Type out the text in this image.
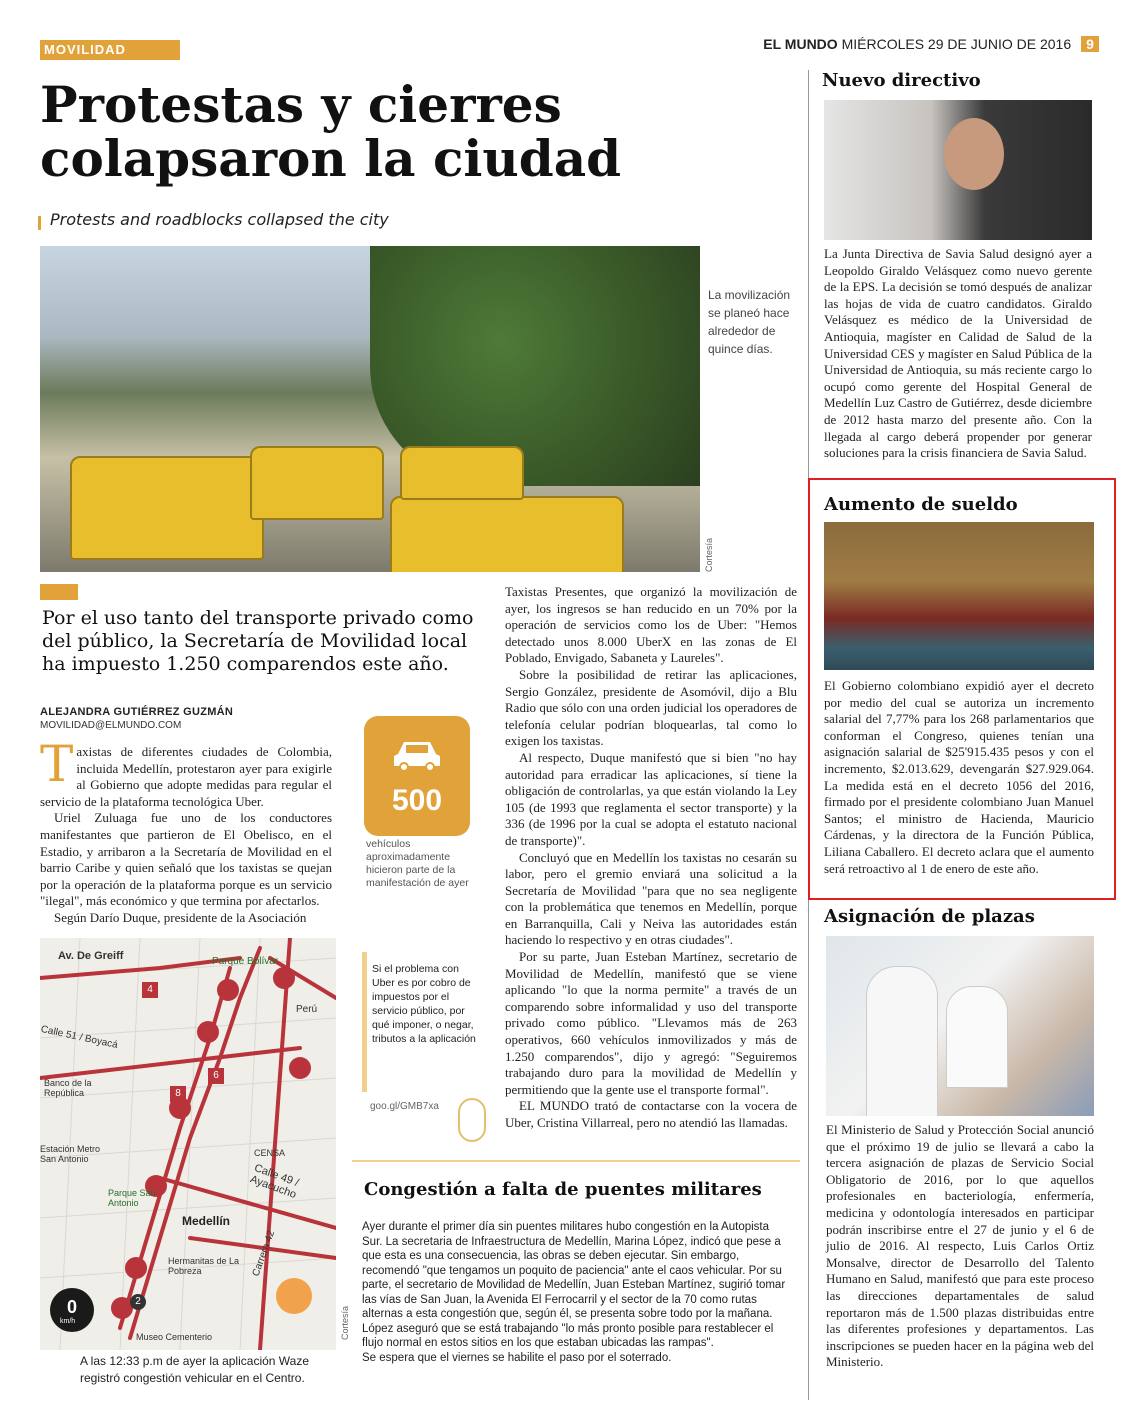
MOVILIDAD	EL MUNDO MIÉRCOLES 29 DE JUNIO DE 2016 9
Protestas y cierres colapsaron la ciudad
Protests and roadblocks collapsed the city
La movilización se planeó hace alrededor de quince días.
Cortesía
Por el uso tanto del transporte privado como del público, la Secretaría de Movilidad local ha impuesto 1.250 comparendos este año.
ALEJANDRA GUTIÉRREZ GUZMÁN
MOVILIDAD@ELMUNDO.COM

Taxistas de diferentes ciudades de Colombia, incluida Medellín, protestaron ayer para exigirle al Gobierno que adopte medidas para regular el servicio de la plataforma tecnológica Uber.

Uriel Zuluaga fue uno de los conductores manifestantes que partieron de El Obelisco, en el Estadio, y arribaron a la Secretaría de Movilidad en el barrio Caribe y quien señaló que los taxistas se quejan por la operación de la plataforma porque es un servicio "ilegal", más económico y que termina por afectarlos.

Según Darío Duque, presidente de la Asociación

Taxistas Presentes, que organizó la movilización de ayer, los ingresos se han reducido en un 70% por la operación de servicios como los de Uber: "Hemos detectado unos 8.000 UberX en las zonas de El Poblado, Envigado, Sabaneta y Laureles".

Sobre la posibilidad de retirar las aplicaciones, Sergio González, presidente de Asomóvil, dijo a Blu Radio que sólo con una orden judicial los operadores de telefonía celular podrían bloquearlas, tal como lo exigen los taxistas.

Al respecto, Duque manifestó que si bien "no hay autoridad para erradicar las aplicaciones, sí tiene la obligación de controlarlas, ya que están violando la Ley 105 (de 1993 que reglamenta el sector transporte) y la 336 (de 1996 por la cual se adopta el estatuto nacional de transporte)".

Concluyó que en Medellín los taxistas no cesarán su labor, pero el gremio enviará una solicitud a la Secretaría de Movilidad "para que no sea negligente con la problemática que tenemos en Medellín, porque en Barranquilla, Cali y Neiva las autoridades están haciendo lo respectivo y en otras ciudades".

Por su parte, Juan Esteban Martínez, secretario de Movilidad de Medellín, manifestó que se viene aplicando "lo que la norma permite" a través de un comparendo sobre informalidad y uso del transporte privado como público. "Llevamos más de 263 operativos, 660 vehículos inmovilizados y más de 1.250 comparendos", dijo y agregó: "Seguiremos trabajando duro para la movilidad de Medellín y permitiendo que la gente use el transporte formal".

EL MUNDO trató de contactarse con la vocera de Uber, Cristina Villarreal, pero no atendió las llamadas.

500
vehículos aproximadamente hicieron parte de la manifestación de ayer
Si el problema con Uber es por cobro de impuestos por el servicio público, por qué imponer, o negar, tributos a la aplicación
goo.gl/GMB7xa
Av. De Greiff	Parque Bolívar
Perú
Calle 51 / Boyacá
Banco de la República
Estación Metro San Antonio
Parque San Antonio
Calle 49 / Ayacucho
Medellín
Hermanitas de La Pobreza	Carrera 42
Museo Cementerio
CENSA
4
6
8
2
0
km/h	Cortesía
A las 12:33 p.m de ayer la aplicación Waze registró congestión vehicular en el Centro.
Congestión a falta de puentes militares

Ayer durante el primer día sin puentes militares hubo congestión en la Autopista Sur. La secretaria de Infraestructura de Medellín, Marina López, indicó que pese a que esta es una consecuencia, las obras se deben ejecutar. Sin embargo, recomendó "que tengamos un poquito de paciencia" ante el caos vehicular. Por su parte, el secretario de Movilidad de Medellín, Juan Esteban Martínez, sugirió tomar las vías de San Juan, la Avenida El Ferrocarril y el sector de la 70 como rutas alternas a esta congestión que, según él, se presenta sobre todo por la mañana.

López aseguró que se está trabajando "lo más pronto posible para restablecer el flujo normal en estos sitios en los que estaban ubicadas las rampas".

Se espera que el viernes se habilite el paso por el soterrado.

Nuevo directivo
La Junta Directiva de Savia Salud designó ayer a Leopoldo Giraldo Velásquez como nuevo gerente de la EPS. La decisión se tomó después de analizar las hojas de vida de cuatro candidatos. Giraldo Velásquez es médico de la Universidad de Antioquia, magíster en Calidad de Salud de la Universidad CES y magíster en Salud Pública de la Universidad de Antioquia, su más reciente cargo lo ocupó como gerente del Hospital General de Medellín Luz Castro de Gutiérrez, desde diciembre de 2012 hasta marzo del presente año. Con la llegada al cargo deberá propender por generar soluciones para la crisis financiera de Savia Salud.
Aumento de sueldo
El Gobierno colombiano expidió ayer el decreto por medio del cual se autoriza un incremento salarial del 7,77% para los 268 parlamentarios que conforman el Congreso, quienes tenían una asignación salarial de $25'915.435 pesos y con el incremento, $2.013.629, devengarán $27.929.064. La medida está en el decreto 1056 del 2016, firmado por el presidente colombiano Juan Manuel Santos; el ministro de Hacienda, Mauricio Cárdenas, y la directora de la Función Pública, Liliana Caballero. El decreto aclara que el aumento será retroactivo al 1 de enero de este año.
Asignación de plazas
El Ministerio de Salud y Protección Social anunció que el próximo 19 de julio se llevará a cabo la tercera asignación de plazas de Servicio Social Obligatorio de 2016, por lo que aquellos profesionales en bacteriología, enfermería, medicina y odontología interesados en participar podrán inscribirse entre el 27 de junio y el 6 de julio de 2016. Al respecto, Luis Carlos Ortiz Monsalve, director de Desarrollo del Talento Humano en Salud, manifestó que para este proceso las direcciones departamentales de salud reportaron más de 1.500 plazas distribuidas entre las diferentes profesiones y departamentos. Las inscripciones se pueden hacer en la página web del Ministerio.
